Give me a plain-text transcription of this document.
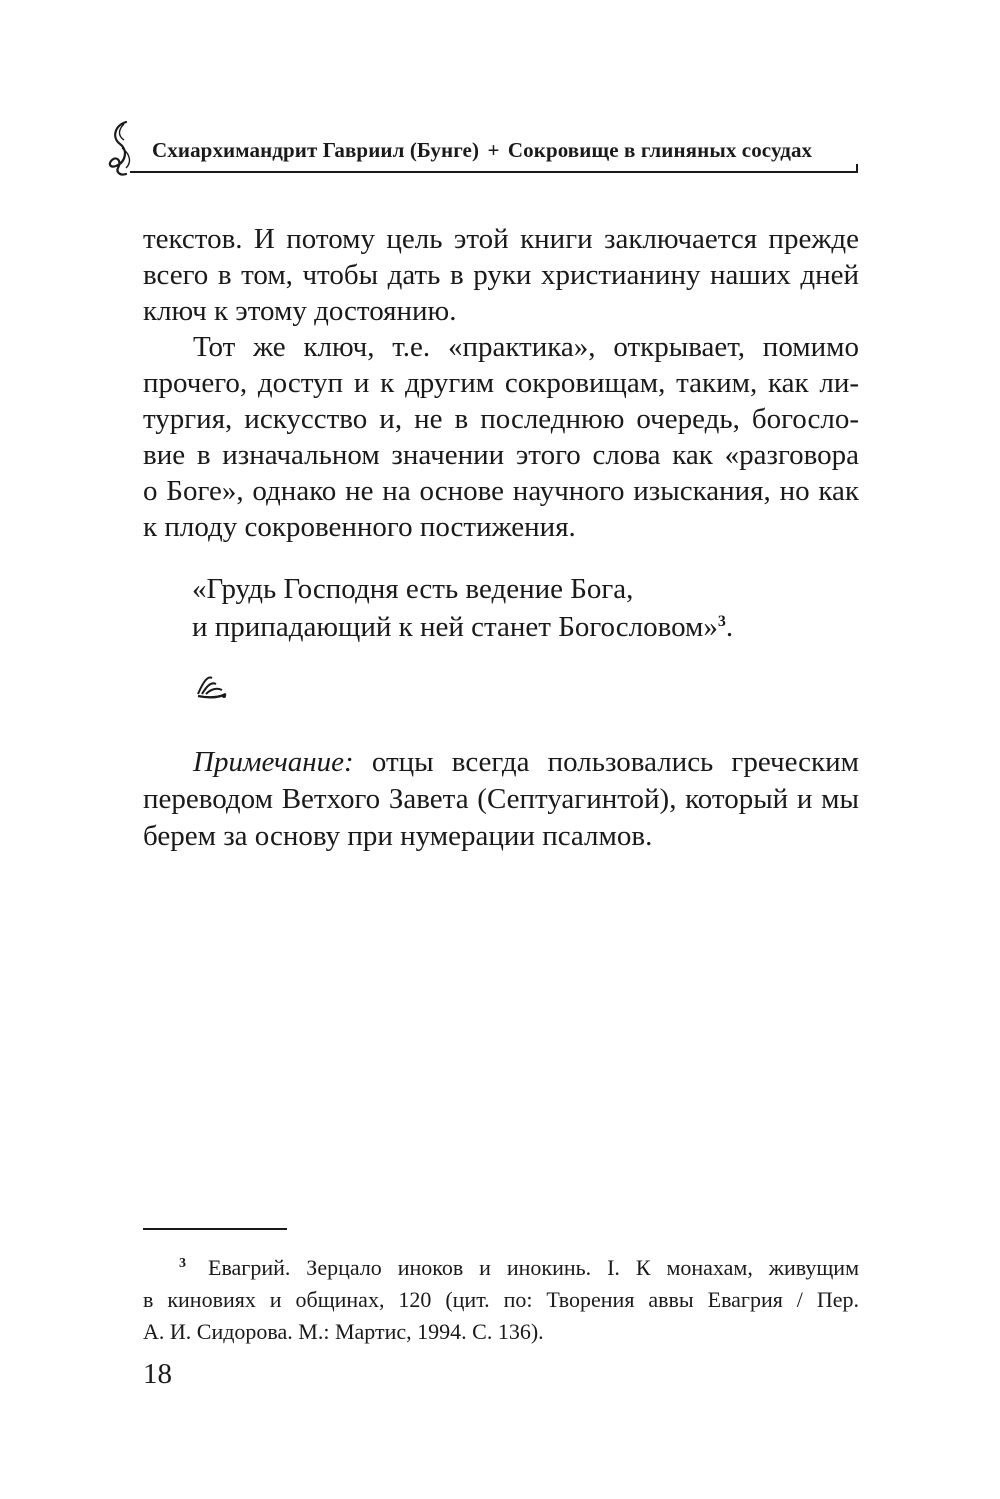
Схиархимандрит Гавриил (Бунге) + Сокровище в глиняных сосудах

текстов. И потому цель этой книги заключается прежде
всего в том, чтобы дать в руки христианину наших дней
ключ к этому достоянию.

Тот же ключ, т.е. «практика», открывает, помимо
прочего, доступ и к другим сокровищам, таким, как ли-
тургия, искусство и, не в последнюю очередь, богосло-
вие в изначальном значении этого слова как «разговора
о Боге», однако не на основе научного изыскания, но как
к плоду сокровенного постижения.

«Грудь Господня есть ведение Бога,
и припадающий к ней станет Богословом»$^3$.
Примечание: отцы всегда пользовались греческим
переводом Ветхого Завета (Септуагинтой), который и мы
берем за основу при нумерации псалмов.
$^3$ Евагрий. Зерцало иноков и инокинь. I. К монахам, живущим
в киновиях и общинах, 120 (цит. по: Творения аввы Евагрия / Пер.
А. И. Сидорова. М.: Мартис, 1994. С. 136).
18
